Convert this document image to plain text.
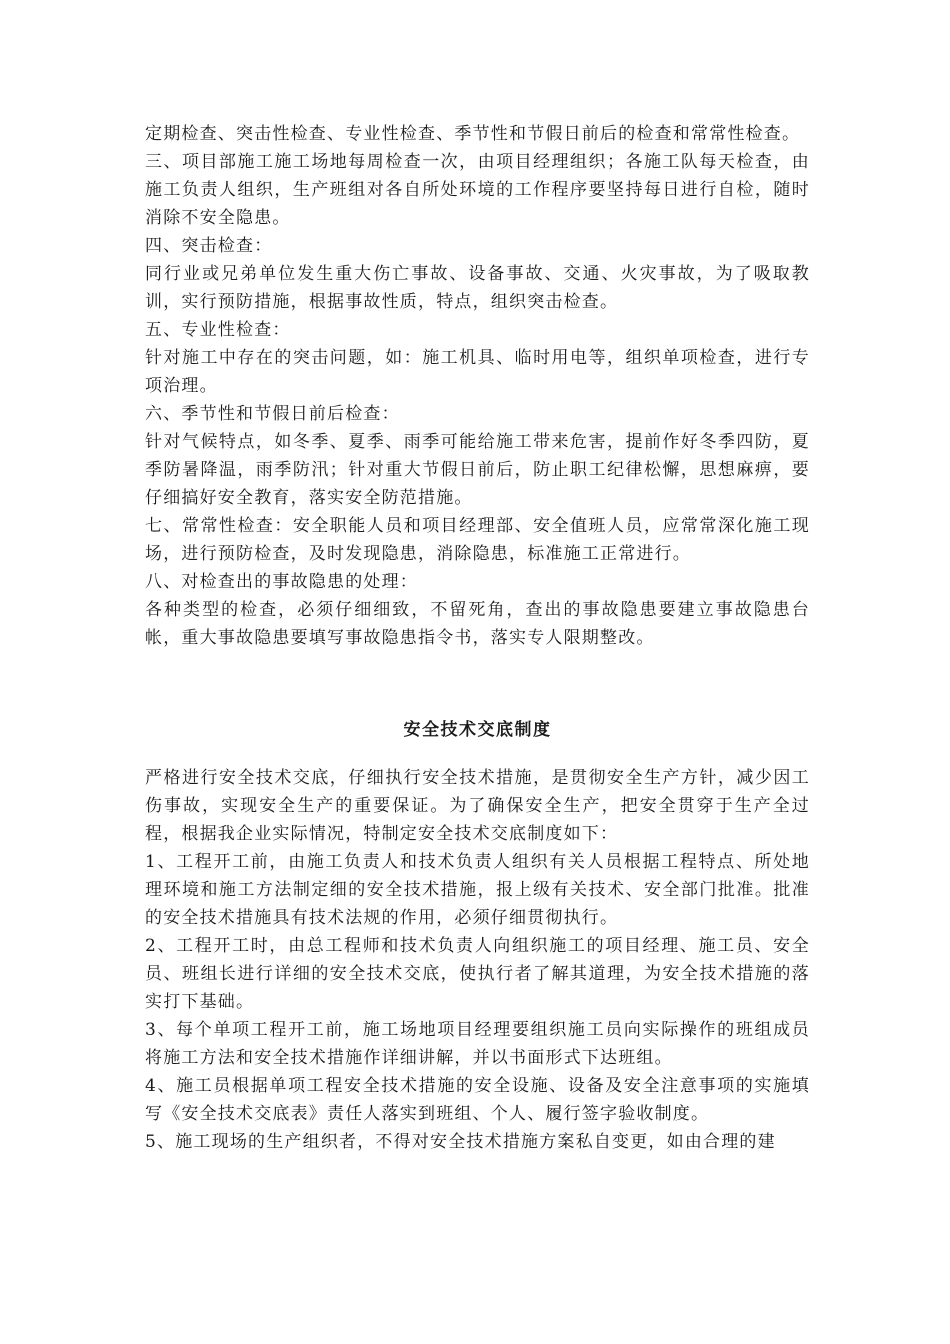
定期检查、突击性检查、专业性检查、季节性和节假日前后的检查和常常性检查。

三、项目部施工施工场地每周检查一次，由项目经理组织；各施工队每天检查，由施工负责人组织，生产班组对各自所处环境的工作程序要坚持每日进行自检，随时消除不安全隐患。

四、突击检查：

同行业或兄弟单位发生重大伤亡事故、设备事故、交通、火灾事故，为了吸取教训，实行预防措施，根据事故性质，特点，组织突击检查。

五、专业性检查：

针对施工中存在的突击问题，如：施工机具、临时用电等，组织单项检查，进行专项治理。

六、季节性和节假日前后检查：

针对气候特点，如冬季、夏季、雨季可能给施工带来危害，提前作好冬季四防，夏季防暑降温，雨季防汛；针对重大节假日前后，防止职工纪律松懈，思想麻痹，要仔细搞好安全教育，落实安全防范措施。

七、常常性检查：安全职能人员和项目经理部、安全值班人员，应常常深化施工现场，进行预防检查，及时发现隐患，消除隐患，标准施工正常进行。

八、对检查出的事故隐患的处理：

各种类型的检查，必须仔细细致，不留死角，查出的事故隐患要建立事故隐患台帐，重大事故隐患要填写事故隐患指令书，落实专人限期整改。

安全技术交底制度

严格进行安全技术交底，仔细执行安全技术措施，是贯彻安全生产方针，减少因工伤事故，实现安全生产的重要保证。为了确保安全生产，把安全贯穿于生产全过程，根据我企业实际情况，特制定安全技术交底制度如下：

1、工程开工前，由施工负责人和技术负责人组织有关人员根据工程特点、所处地理环境和施工方法制定细的安全技术措施，报上级有关技术、安全部门批准。批准的安全技术措施具有技术法规的作用，必须仔细贯彻执行。

2、工程开工时，由总工程师和技术负责人向组织施工的项目经理、施工员、安全员、班组长进行详细的安全技术交底，使执行者了解其道理，为安全技术措施的落实打下基础。

3、每个单项工程开工前，施工场地项目经理要组织施工员向实际操作的班组成员将施工方法和安全技术措施作详细讲解，并以书面形式下达班组。

4、施工员根据单项工程安全技术措施的安全设施、设备及安全注意事项的实施填写《安全技术交底表》责任人落实到班组、个人、履行签字验收制度。

5、施工现场的生产组织者，不得对安全技术措施方案私自变更，如由合理的建
